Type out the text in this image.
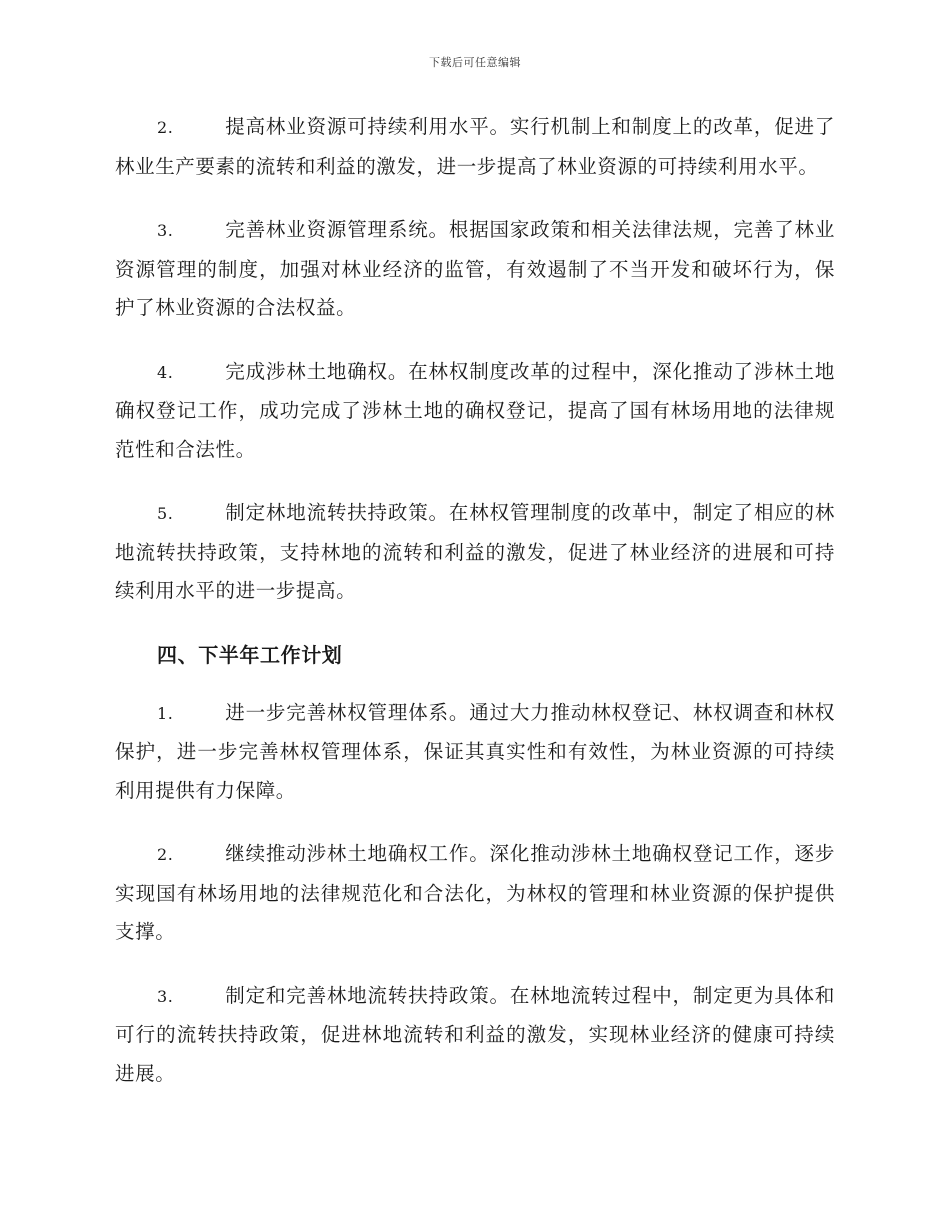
下载后可任意编辑

2.	提高林业资源可持续利用水平。实行机制上和制度上的改革，促进了林业生产要素的流转和利益的激发，进一步提高了林业资源的可持续利用水平。

3.	完善林业资源管理系统。根据国家政策和相关法律法规，完善了林业资源管理的制度，加强对林业经济的监管，有效遏制了不当开发和破坏行为，保护了林业资源的合法权益。

4.	完成涉林土地确权。在林权制度改革的过程中，深化推动了涉林土地确权登记工作，成功完成了涉林土地的确权登记，提高了国有林场用地的法律规范性和合法性。

5.	制定林地流转扶持政策。在林权管理制度的改革中，制定了相应的林地流转扶持政策，支持林地的流转和利益的激发，促进了林业经济的进展和可持续利用水平的进一步提高。

四、下半年工作计划

1.	进一步完善林权管理体系。通过大力推动林权登记、林权调查和林权保护，进一步完善林权管理体系，保证其真实性和有效性，为林业资源的可持续利用提供有力保障。

2.	继续推动涉林土地确权工作。深化推动涉林土地确权登记工作，逐步实现国有林场用地的法律规范化和合法化，为林权的管理和林业资源的保护提供支撑。

3.	制定和完善林地流转扶持政策。在林地流转过程中，制定更为具体和可行的流转扶持政策，促进林地流转和利益的激发，实现林业经济的健康可持续进展。
